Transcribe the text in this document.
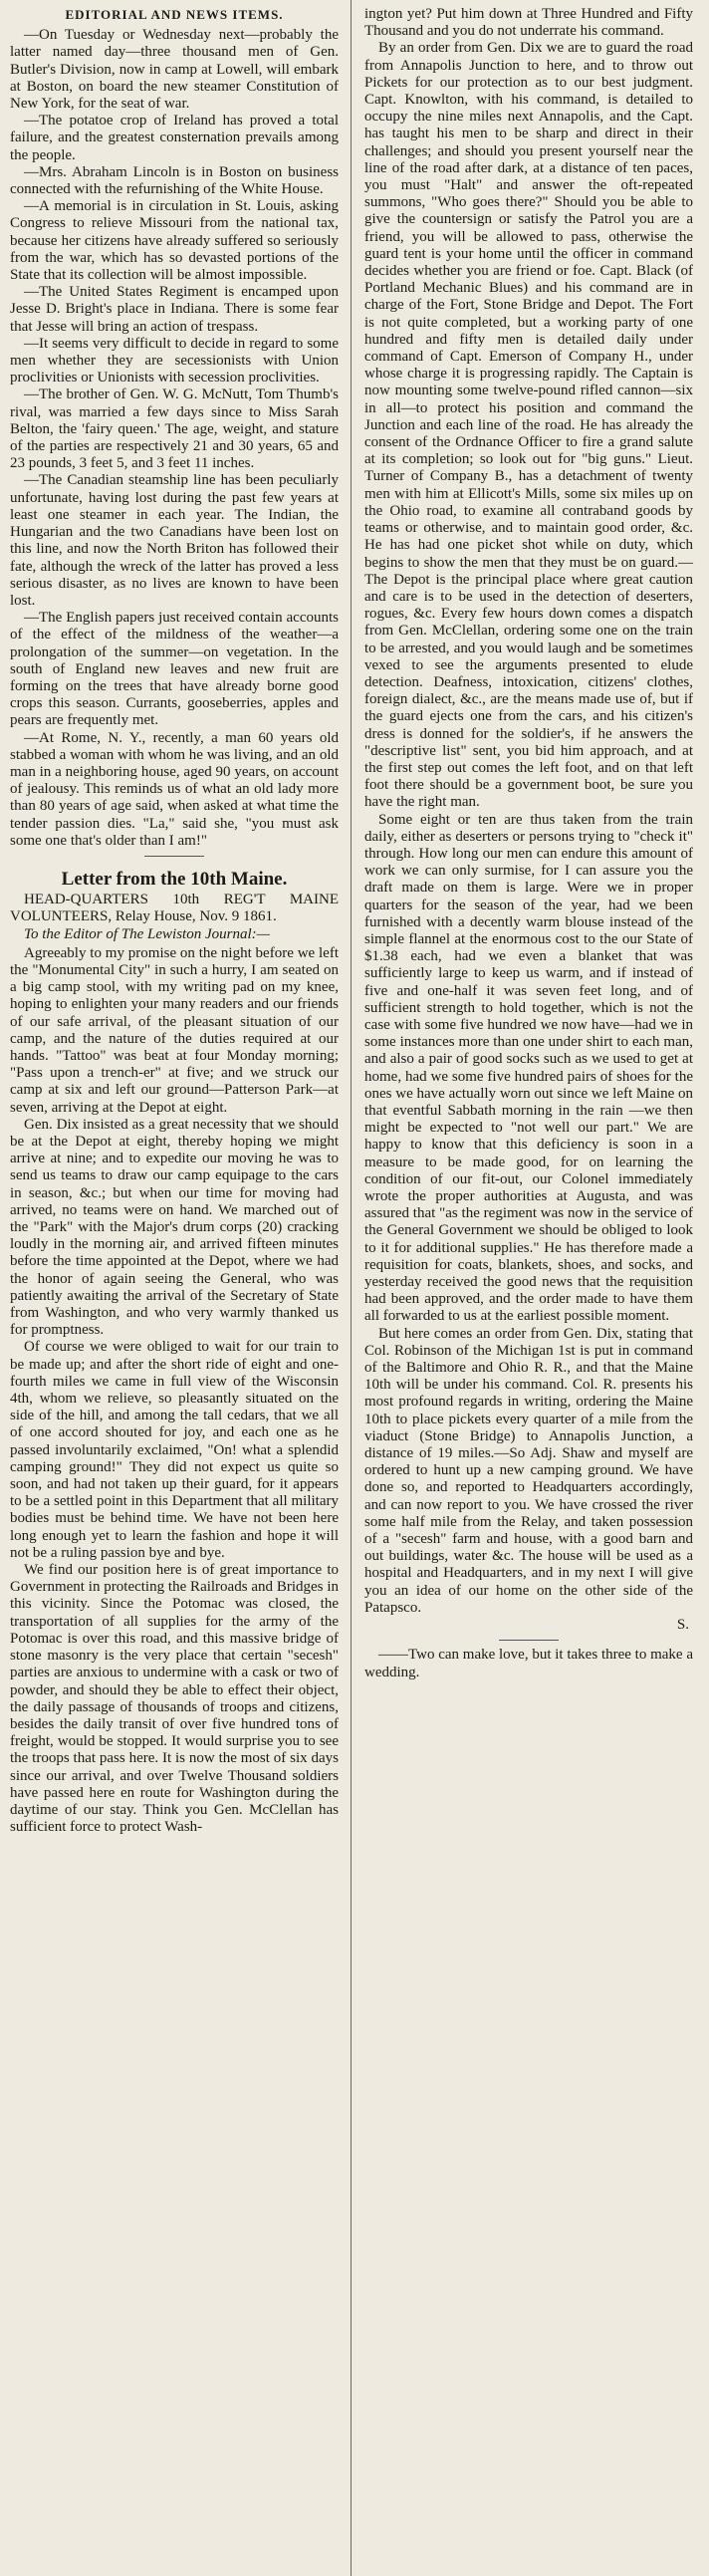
EDITORIAL AND NEWS ITEMS.

—On Tuesday or Wednesday next—probably the latter named day—three thousand men of Gen. Butler's Division, now in camp at Lowell, will embark at Boston, on board the new steamer Constitution of New York, for the seat of war.

—The potatoe crop of Ireland has proved a total failure, and the greatest consternation prevails among the people.

—Mrs. Abraham Lincoln is in Boston on business connected with the refurnishing of the White House.

—A memorial is in circulation in St. Louis, asking Congress to relieve Missouri from the national tax, because her citizens have already suffered so seriously from the war, which has so devasted portions of the State that its collection will be almost impossible.

—The United States Regiment is encamped upon Jesse D. Bright's place in Indiana. There is some fear that Jesse will bring an action of trespass.

—It seems very difficult to decide in regard to some men whether they are secessionists with Union proclivities or Unionists with secession proclivities.

—The brother of Gen. W. G. McNutt, Tom Thumb's rival, was married a few days since to Miss Sarah Belton, the 'fairy queen.' The age, weight, and stature of the parties are respectively 21 and 30 years, 65 and 23 pounds, 3 feet 5, and 3 feet 11 inches.

—The Canadian steamship line has been peculiarly unfortunate, having lost during the past few years at least one steamer in each year. The Indian, the Hungarian and the two Canadians have been lost on this line, and now the North Briton has followed their fate, although the wreck of the latter has proved a less serious disaster, as no lives are known to have been lost.

—The English papers just received contain accounts of the effect of the mildness of the weather—a prolongation of the summer—on vegetation. In the south of England new leaves and new fruit are forming on the trees that have already borne good crops this season. Currants, gooseberries, apples and pears are frequently met.

—At Rome, N. Y., recently, a man 60 years old stabbed a woman with whom he was living, and an old man in a neighboring house, aged 90 years, on account of jealousy. This reminds us of what an old lady more than 80 years of age said, when asked at what time the tender passion dies. "La," said she, "you must ask some one that's older than I am!"

Letter from the 10th Maine.

HEAD-QUARTERS 10th REG'T MAINE VOLUNTEERS, Relay House, Nov. 9 1861.

To the Editor of The Lewiston Journal:—

Agreeably to my promise on the night before we left the "Monumental City" in such a hurry, I am seated on a big camp stool, with my writing pad on my knee, hoping to enlighten your many readers and our friends of our safe arrival, of the pleasant situation of our camp, and the nature of the duties required at our hands. "Tattoo" was beat at four Monday morning; "Pass upon a trench-er" at five; and we struck our camp at six and left our ground—Patterson Park—at seven, arriving at the Depot at eight.

Gen. Dix insisted as a great necessity that we should be at the Depot at eight, thereby hoping we might arrive at nine; and to expedite our moving he was to send us teams to draw our camp equipage to the cars in season, &c.; but when our time for moving had arrived, no teams were on hand. We marched out of the "Park" with the Major's drum corps (20) cracking loudly in the morning air, and arrived fifteen minutes before the time appointed at the Depot, where we had the honor of again seeing the General, who was patiently awaiting the arrival of the Secretary of State from Washington, and who very warmly thanked us for promptness.

Of course we were obliged to wait for our train to be made up; and after the short ride of eight and one-fourth miles we came in full view of the Wisconsin 4th, whom we relieve, so pleasantly situated on the side of the hill, and among the tall cedars, that we all of one accord shouted for joy, and each one as he passed involuntarily exclaimed, "On! what a splendid camping ground!" They did not expect us quite so soon, and had not taken up their guard, for it appears to be a settled point in this Department that all military bodies must be behind time. We have not been here long enough yet to learn the fashion and hope it will not be a ruling passion bye and bye.

We find our position here is of great importance to Government in protecting the Railroads and Bridges in this vicinity. Since the Potomac was closed, the transportation of all supplies for the army of the Potomac is over this road, and this massive bridge of stone masonry is the very place that certain "secesh" parties are anxious to undermine with a cask or two of powder, and should they be able to effect their object, the daily passage of thousands of troops and citizens, besides the daily transit of over five hundred tons of freight, would be stopped. It would surprise you to see the troops that pass here. It is now the most of six days since our arrival, and over Twelve Thousand soldiers have passed here en route for Washington during the daytime of our stay. Think you Gen. McClellan has sufficient force to protect Wash-

ington yet? Put him down at Three Hundred and Fifty Thousand and you do not underrate his command.

By an order from Gen. Dix we are to guard the road from Annapolis Junction to here, and to throw out Pickets for our protection as to our best judgment. Capt. Knowlton, with his command, is detailed to occupy the nine miles next Annapolis, and the Capt. has taught his men to be sharp and direct in their challenges; and should you present yourself near the line of the road after dark, at a distance of ten paces, you must "Halt" and answer the oft-repeated summons, "Who goes there?" Should you be able to give the countersign or satisfy the Patrol you are a friend, you will be allowed to pass, otherwise the guard tent is your home until the officer in command decides whether you are friend or foe. Capt. Black (of Portland Mechanic Blues) and his command are in charge of the Fort, Stone Bridge and Depot. The Fort is not quite completed, but a working party of one hundred and fifty men is detailed daily under command of Capt. Emerson of Company H., under whose charge it is progressing rapidly. The Captain is now mounting some twelve-pound rifled cannon—six in all—to protect his position and command the Junction and each line of the road. He has already the consent of the Ordnance Officer to fire a grand salute at its completion; so look out for "big guns." Lieut. Turner of Company B., has a detachment of twenty men with him at Ellicott's Mills, some six miles up on the Ohio road, to examine all contraband goods by teams or otherwise, and to maintain good order, &c. He has had one picket shot while on duty, which begins to show the men that they must be on guard.—The Depot is the principal place where great caution and care is to be used in the detection of deserters, rogues, &c. Every few hours down comes a dispatch from Gen. McClellan, ordering some one on the train to be arrested, and you would laugh and be sometimes vexed to see the arguments presented to elude detection. Deafness, intoxication, citizens' clothes, foreign dialect, &c., are the means made use of, but if the guard ejects one from the cars, and his citizen's dress is donned for the soldier's, if he answers the "descriptive list" sent, you bid him approach, and at the first step out comes the left foot, and on that left foot there should be a government boot, be sure you have the right man.

Some eight or ten are thus taken from the train daily, either as deserters or persons trying to "check it" through. How long our men can endure this amount of work we can only surmise, for I can assure you the draft made on them is large. Were we in proper quarters for the season of the year, had we been furnished with a decently warm blouse instead of the simple flannel at the enormous cost to the our State of $1.38 each, had we even a blanket that was sufficiently large to keep us warm, and if instead of five and one-half it was seven feet long, and of sufficient strength to hold together, which is not the case with some five hundred we now have—had we in some instances more than one under shirt to each man, and also a pair of good socks such as we used to get at home, had we some five hundred pairs of shoes for the ones we have actually worn out since we left Maine on that eventful Sabbath morning in the rain —we then might be expected to "not well our part." We are happy to know that this deficiency is soon in a measure to be made good, for on learning the condition of our fit-out, our Colonel immediately wrote the proper authorities at Augusta, and was assured that "as the regiment was now in the service of the General Government we should be obliged to look to it for additional supplies." He has therefore made a requisition for coats, blankets, shoes, and socks, and yesterday received the good news that the requisition had been approved, and the order made to have them all forwarded to us at the earliest possible moment.

But here comes an order from Gen. Dix, stating that Col. Robinson of the Michigan 1st is put in command of the Baltimore and Ohio R. R., and that the Maine 10th will be under his command. Col. R. presents his most profound regards in writing, ordering the Maine 10th to place pickets every quarter of a mile from the viaduct (Stone Bridge) to Annapolis Junction, a distance of 19 miles.—So Adj. Shaw and myself are ordered to hunt up a new camping ground. We have done so, and reported to Headquarters accordingly, and can now report to you. We have crossed the river some half mile from the Relay, and taken possession of a "secesh" farm and house, with a good barn and out buildings, water &c. The house will be used as a hospital and Headquarters, and in my next I will give you an idea of our home on the other side of the Patapsco.

S.

——Two can make love, but it takes three to make a wedding.
